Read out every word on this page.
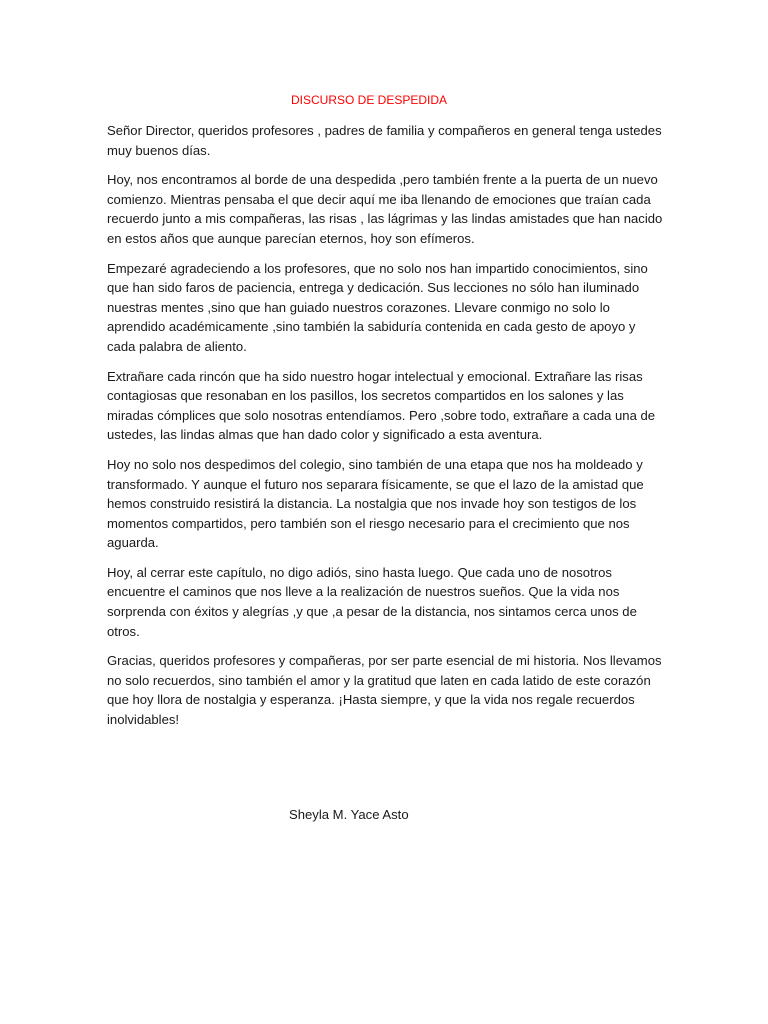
DISCURSO DE DESPEDIDA

Señor Director, queridos profesores , padres de familia y compañeros en general tenga ustedes muy buenos días.

Hoy, nos encontramos al borde de una despedida ,pero también frente a la puerta de un nuevo comienzo. Mientras pensaba el que decir aquí me iba llenando de emociones que traían cada recuerdo junto a mis compañeras, las risas , las lágrimas y las lindas amistades que han nacido en estos años que aunque parecían eternos, hoy son efímeros.

Empezaré agradeciendo a los profesores, que no solo nos han impartido conocimientos, sino que han sido faros de paciencia, entrega y dedicación. Sus lecciones no sólo han iluminado nuestras mentes ,sino que han guiado nuestros corazones. Llevare conmigo no solo lo aprendido académicamente ,sino también la sabiduría contenida en cada gesto de apoyo y cada palabra de aliento.

Extrañare cada rincón que ha sido nuestro hogar intelectual y emocional. Extrañare las risas contagiosas que resonaban en los pasillos, los secretos compartidos en los salones y las miradas cómplices que solo nosotras entendíamos. Pero ,sobre todo, extrañare a cada una de ustedes, las lindas almas que han dado color y significado a esta aventura.

Hoy no solo nos despedimos del colegio, sino también de una etapa que nos ha moldeado y transformado. Y aunque el futuro nos separara físicamente, se que el lazo de la amistad que hemos construido resistirá la distancia. La nostalgia que nos invade hoy son testigos de los momentos compartidos, pero también son el riesgo necesario para el crecimiento que nos aguarda.

Hoy, al cerrar este capítulo, no digo adiós, sino hasta luego. Que cada uno de nosotros encuentre el caminos que nos lleve a la realización de nuestros sueños. Que la vida nos sorprenda con éxitos y alegrías ,y que ,a pesar de la distancia, nos sintamos cerca unos de otros.

Gracias, queridos profesores y compañeras, por ser parte esencial de mi historia. Nos llevamos no solo recuerdos, sino también el amor y la gratitud que laten en cada latido de este corazón que hoy llora de nostalgia y esperanza. ¡Hasta siempre, y que la vida nos regale recuerdos inolvidables!

Sheyla M. Yace Asto
